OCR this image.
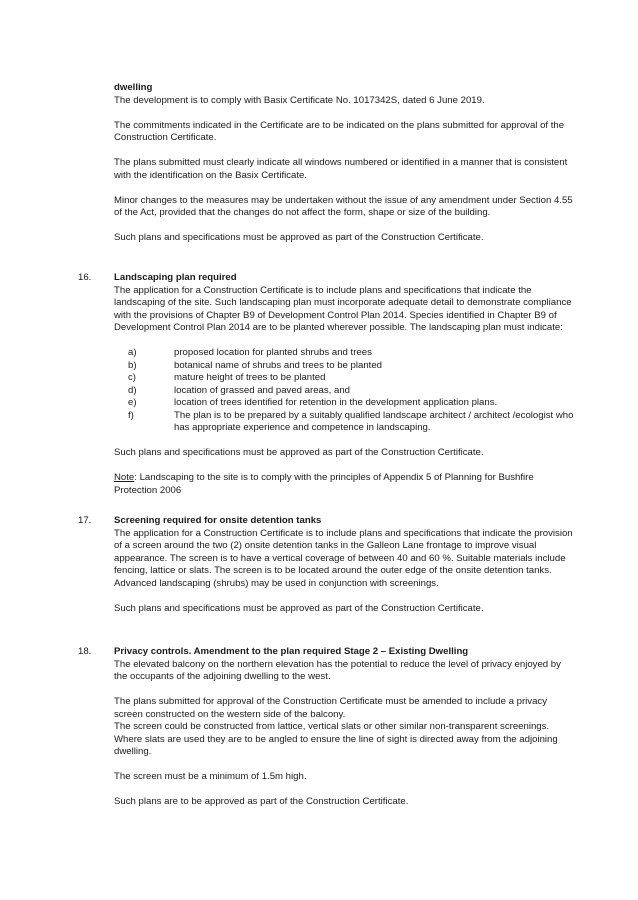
dwelling

The development is to comply with Basix Certificate No. 1017342S, dated 6 June 2019.

The commitments indicated in the Certificate are to be indicated on the plans submitted for approval of the Construction Certificate.

The plans submitted must clearly indicate all windows numbered or identified in a manner that is consistent with the identification on the Basix Certificate.

Minor changes to the measures may be undertaken without the issue of any amendment under Section 4.55 of the Act, provided that the changes do not affect the form, shape or size of the building.

Such plans and specifications must be approved as part of the Construction Certificate.

16. Landscaping plan required

The application for a Construction Certificate is to include plans and specifications that indicate the landscaping of the site. Such landscaping plan must incorporate adequate detail to demonstrate compliance with the provisions of Chapter B9 of Development Control Plan 2014. Species identified in Chapter B9 of Development Control Plan 2014 are to be planted wherever possible. The landscaping plan must indicate:

a)	proposed location for planted shrubs and trees
b)	botanical name of shrubs and trees to be planted
c)	mature height of trees to be planted
d)	location of grassed and paved areas, and
e)	location of trees identified for retention in the development application plans.
f)	The plan is to be prepared by a suitably qualified landscape architect / architect /ecologist who has appropriate experience and competence in landscaping.

Such plans and specifications must be approved as part of the Construction Certificate.

Note: Landscaping to the site is to comply with the principles of Appendix 5 of Planning for Bushfire Protection 2006

17. Screening required for onsite detention tanks

The application for a Construction Certificate is to include plans and specifications that indicate the provision of a screen around the two (2) onsite detention tanks in the Galleon Lane frontage to improve visual appearance. The screen is to have a vertical coverage of between 40 and 60 %. Suitable materials include fencing, lattice or slats. The screen is to be located around the outer edge of the onsite detention tanks. Advanced landscaping (shrubs) may be used in conjunction with screenings.

Such plans and specifications must be approved as part of the Construction Certificate.

18. Privacy controls. Amendment to the plan required Stage 2 – Existing Dwelling

The elevated balcony on the northern elevation has the potential to reduce the level of privacy enjoyed by the occupants of the adjoining dwelling to the west.

The plans submitted for approval of the Construction Certificate must be amended to include a privacy screen constructed on the western side of the balcony.

The screen could be constructed from lattice, vertical slats or other similar non-transparent screenings. Where slats are used they are to be angled to ensure the line of sight is directed away from the adjoining dwelling.

The screen must be a minimum of 1.5m high.

Such plans are to be approved as part of the Construction Certificate.
